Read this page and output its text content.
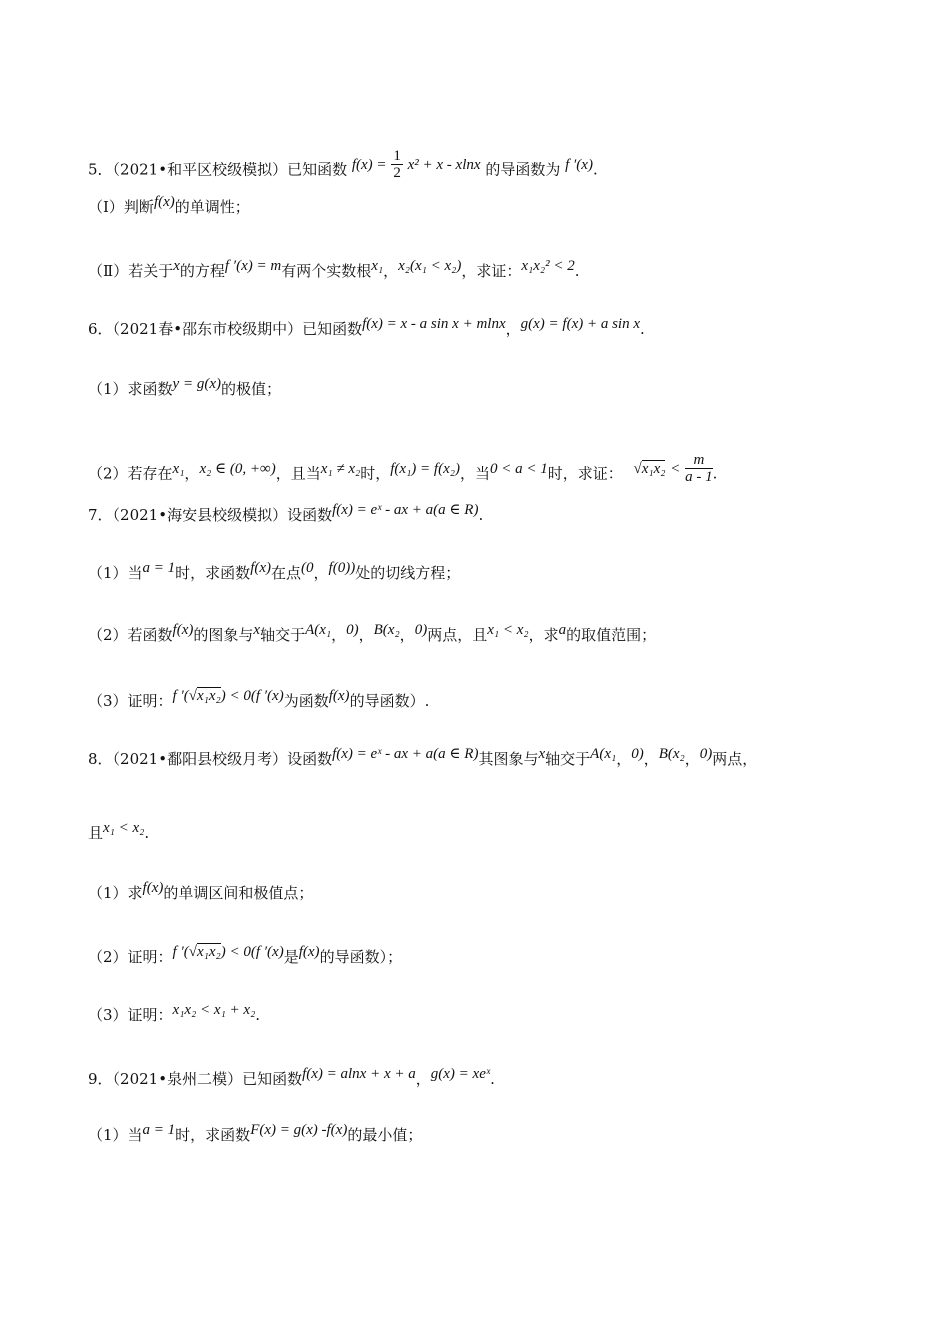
5．（2021•和平区校级模拟）已知函数 $f(x) = \frac{1}{2} x^2 + x - xlnx$ 的导函数为 f ′(x).
（Ⅰ）判断f(x)的单调性；
（Ⅱ）若关于x的方程f ′(x) = m有两个实数根x₁，x₂(x₁ < x₂)，求证：x₁x₂² < 2.
6．（2021春•邵东市校级期中）已知函数f(x) = x - a sin x + mlnx，g(x) = f(x) + a sin x.
（1）求函数y = g(x)的极值；
（2）若存在x₁，x₂ ∈ (0, +∞)，且当x₁ ≠ x₂时，f(x₁) = f(x₂)，当0 < a < 1时，求证： $√x_1x_2 < \frac{m}{a - 1}$ .
7．（2021•海安县校级模拟）设函数f(x) = eˣ - ax + a(a ∈ R).
（1）当a = 1时，求函数f(x)在点(0，f(0))处的切线方程；
（2）若函数f(x)的图象与x轴交于A(x₁，0)，B(x₂，0)两点，且x₁ < x₂，求a的取值范围；
（3）证明：f ′(√x₁x₂) < 0(f ′(x)为函数f(x)的导函数）.
8．（2021•鄱阳县校级月考）设函数f(x) = eˣ - ax + a(a ∈ R)其图象与x轴交于A(x₁，0)，B(x₂，0)两点，
且x₁ < x₂.
（1）求f(x)的单调区间和极值点；
（2）证明：f ′(√x₁x₂) < 0(f ′(x)是f(x)的导函数）；
（3）证明：x₁x₂ < x₁ + x₂.
9．（2021•泉州二模）已知函数f(x) = alnx + x + a，g(x) = xeˣ.
（1）当a = 1时，求函数F(x) = g(x) -f(x)的最小值；
